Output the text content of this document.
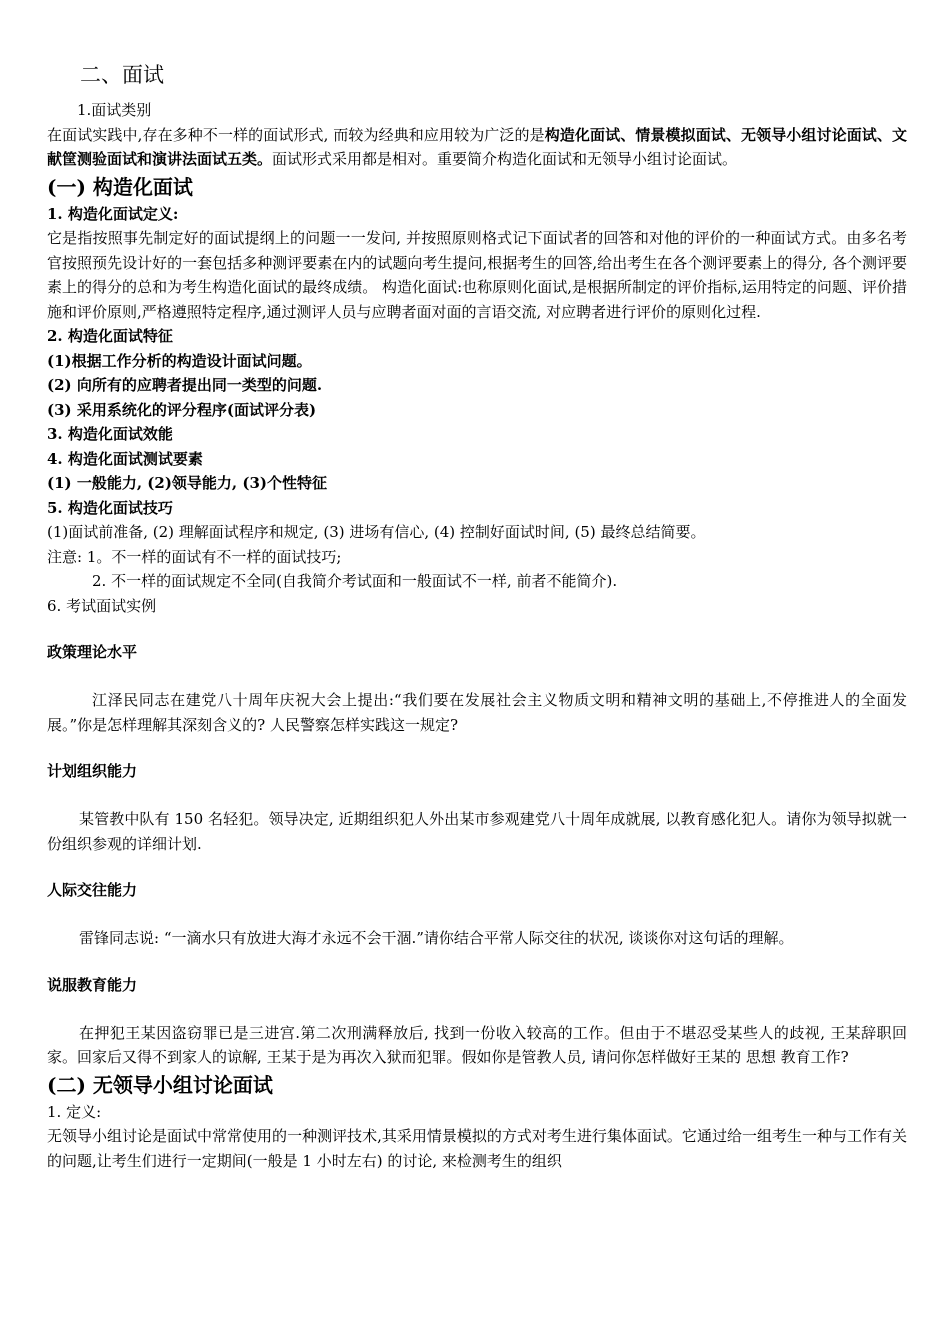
二、面试
1.面试类别
在面试实践中,存在多种不一样的面试形式, 而较为经典和应用较为广泛的是构造化面试、情景模拟面试、无领导小组讨论面试、文献筐测验面试和演讲法面试五类。面试形式采用都是相对。重要简介构造化面试和无领导小组讨论面试。
(一) 构造化面试
1. 构造化面试定义:
它是指按照事先制定好的面试提纲上的问题一一发问, 并按照原则格式记下面试者的回答和对他的评价的一种面试方式。由多名考官按照预先设计好的一套包括多种测评要素在内的试题向考生提问,根据考生的回答,给出考生在各个测评要素上的得分, 各个测评要素上的得分的总和为考生构造化面试的最终成绩。 构造化面试:也称原则化面试,是根据所制定的评价指标,运用特定的问题、评价措施和评价原则,严格遵照特定程序,通过测评人员与应聘者面对面的言语交流, 对应聘者进行评价的原则化过程.
2. 构造化面试特征
(1)根据工作分析的构造设计面试问题。
(2) 向所有的应聘者提出同一类型的问题.
(3) 采用系统化的评分程序(面试评分表)
3. 构造化面试效能
4. 构造化面试测试要素
(1) 一般能力, (2)领导能力, (3)个性特征
5. 构造化面试技巧
(1)面试前准备, (2) 理解面试程序和规定, (3) 进场有信心, (4) 控制好面试时间, (5) 最终总结简要。
注意: 1。不一样的面试有不一样的面试技巧;
2. 不一样的面试规定不全同(自我简介考试面和一般面试不一样, 前者不能简介).
6. 考试面试实例
政策理论水平
江泽民同志在建党八十周年庆祝大会上提出:“我们要在发展社会主义物质文明和精神文明的基础上,不停推进人的全面发展。”你是怎样理解其深刻含义的? 人民警察怎样实践这一规定?
计划组织能力
某管教中队有 150 名轻犯。领导决定, 近期组织犯人外出某市参观建党八十周年成就展, 以教育感化犯人。请你为领导拟就一份组织参观的详细计划.
人际交往能力
雷锋同志说: “一滴水只有放进大海才永远不会干涸.”请你结合平常人际交往的状况, 谈谈你对这句话的理解。
说服教育能力
在押犯王某因盗窃罪已是三进宫.第二次刑满释放后, 找到一份收入较高的工作。但由于不堪忍受某些人的歧视, 王某辞职回家。回家后又得不到家人的谅解, 王某于是为再次入狱而犯罪。假如你是管教人员, 请问你怎样做好王某的 思想 教育工作?
(二) 无领导小组讨论面试
1. 定义:
无领导小组讨论是面试中常常使用的一种测评技术,其采用情景模拟的方式对考生进行集体面试。它通过给一组考生一种与工作有关的问题,让考生们进行一定期间(一般是 1 小时左右) 的讨论, 来检测考生的组织
